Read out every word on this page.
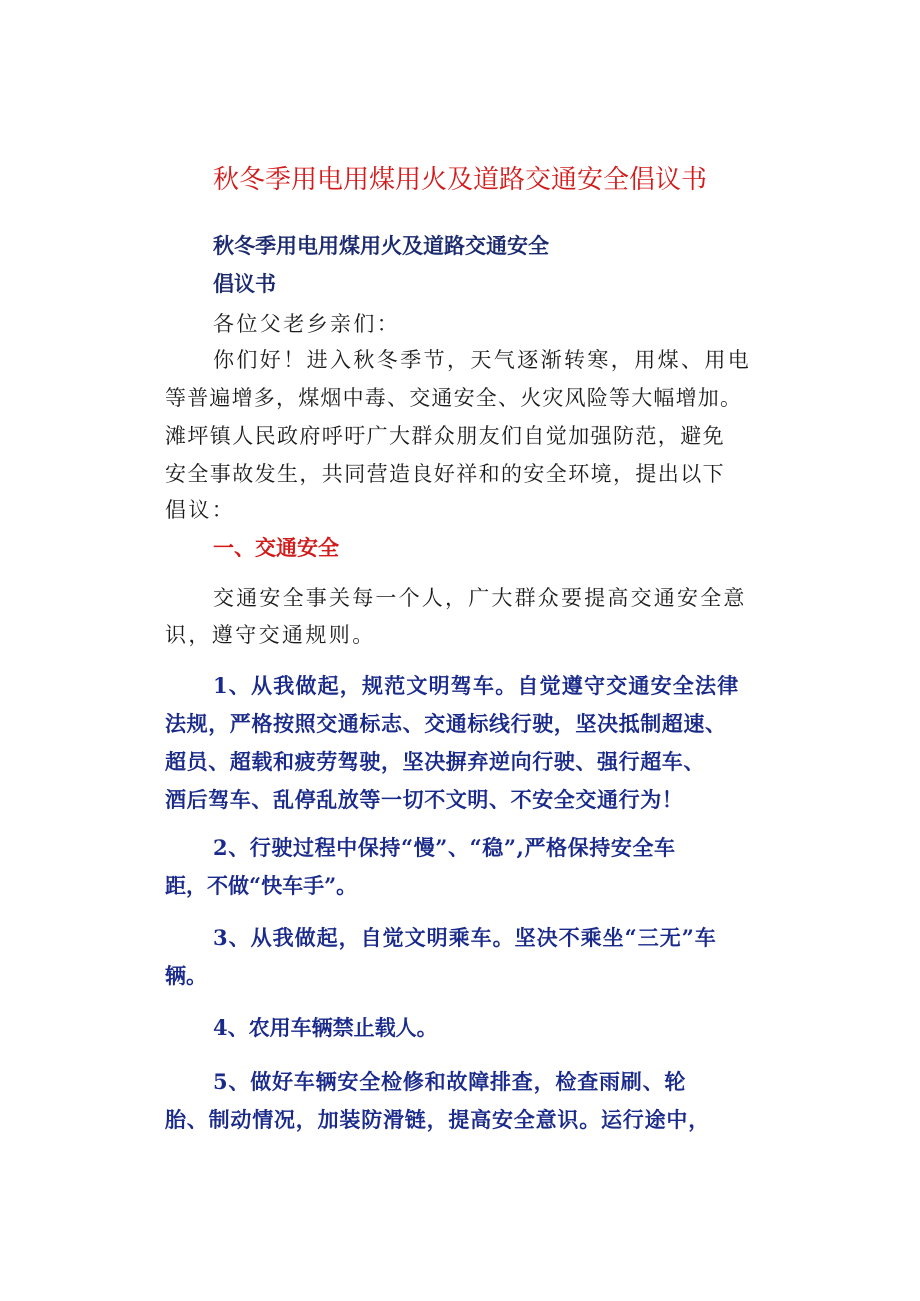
秋冬季用电用煤用火及道路交通安全倡议书
秋冬季用电用煤用火及道路交通安全
倡议书
各位父老乡亲们：
你们好！进入秋冬季节，天气逐渐转寒，用煤、用电
等普遍增多，煤烟中毒、交通安全、火灾风险等大幅增加。
滩坪镇人民政府呼吁广大群众朋友们自觉加强防范，避免
安全事故发生，共同营造良好祥和的安全环境，提出以下
倡议：
一、交通安全
交通安全事关每一个人，广大群众要提高交通安全意
识，遵守交通规则。
1、从我做起，规范文明驾车。自觉遵守交通安全法律
法规，严格按照交通标志、交通标线行驶，坚决抵制超速、
超员、超载和疲劳驾驶，坚决摒弃逆向行驶、强行超车、
酒后驾车、乱停乱放等一切不文明、不安全交通行为！
2、行驶过程中保持“慢”、“稳”,严格保持安全车
距，不做“快车手”。
3、从我做起，自觉文明乘车。坚决不乘坐“三无”车
辆。
4、农用车辆禁止载人。
5、做好车辆安全检修和故障排查，检查雨刷、轮
胎、制动情况，加装防滑链，提高安全意识。运行途中，
